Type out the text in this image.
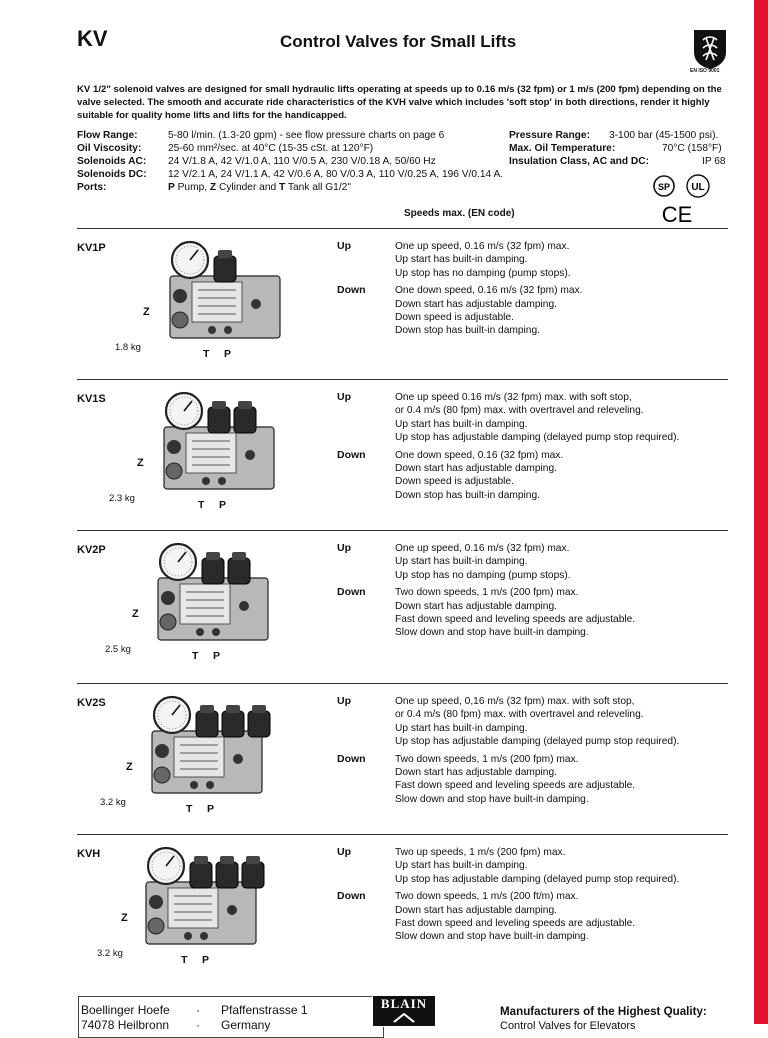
KV	Control Valves for Small Lifts
EN ISO 9001
KV 1/2" solenoid valves are designed for small hydraulic lifts operating at speeds up to 0.16 m/s (32 fpm) or 1 m/s (200 fpm) depending on the valve selected. The smooth and accurate ride characteristics of the KVH valve which includes 'soft stop' in both directions, render it highly suitable for quality home lifts and lifts for the handicapped.
Flow Range:	5-80 l/min. (1.3-20 gpm) - see flow pressure charts on page 6
Oil Viscosity:	25-60 mm²/sec. at 40°C (15-35 cSt. at 120°F)
Solenoids AC: 24 V/1.8 A, 42 V/1.0 A, 110 V/0.5 A, 230 V/0.18 A, 50/60 Hz
Solenoids DC: 12 V/2.1 A, 24 V/1.1 A, 42 V/0.6 A, 80 V/0.3 A, 110 V/0.25 A, 196 V/0.14 A.
Ports:	P Pump, Z Cylinder and T Tank all G1/2"
Pressure Range: 3-100 bar (45-1500 psi).
Max. Oil Temperature:	70°C (158°F)
Insulation Class, AC and DC:	IP 68
SP UL
CE
Speeds max. (EN code)
KV1P	Up	One up speed, 0.16 m/s (32 fpm) max.
Up start has built-in damping.
Up stop has no damping (pump stops).
Down	One down speed, 0.16 m/s (32 fpm) max.
Down start has adjustable damping.
Down speed is adjustable.
Down stop has built-in damping.
Z
1.8 kg
T P
KV1S	Up	One up speed 0.16 m/s (32 fpm) max. with soft stop,
or 0.4 m/s (80 fpm) max. with overtravel and releveling.
Up start has built-in damping.
Up stop has adjustable damping (delayed pump stop required).
Down	One down speed, 0.16 (32 fpm) max.
Down start has adjustable damping.
Down speed is adjustable.
Down stop has built-in damping.
Z
2.3 kg
T P
KV2P	Up	One up speed, 0.16 m/s (32 fpm) max.
Up start has built-in damping.
Up stop has no damping (pump stops).
Down	Two down speeds, 1 m/s (200 fpm) max.
Down start has adjustable damping.
Fast down speed and leveling speeds are adjustable.
Slow down and stop have built-in damping.
Z
2.5 kg
T P
KV2S	Up	One up speed, 0,16 m/s (32 fpm) max. with soft stop,
or 0.4 m/s (80 fpm) max. with overtravel and releveling.
Up start has built-in damping.
Up stop has adjustable damping (delayed pump stop required).
Down	Two down speeds, 1 m/s (200 fpm) max.
Down start has adjustable damping.
Fast down speed and leveling speeds are adjustable.
Slow down and stop have built-in damping.
Z
3.2 kg
T P
KVH	Up	Two up speeds, 1 m/s (200 fpm) max.
Up start has built-in damping.
Up stop has adjustable damping (delayed pump stop required).
Down	Two down speeds, 1 m/s (200 ft/m) max.
Down start has adjustable damping.
Fast down speed and leveling speeds are adjustable.
Slow down and stop have built-in damping.
Z
3.2 kg
T P
Boellinger Hoefe · Pfaffenstrasse 1
74078 Heilbronn · Germany
BLAIN
Manufacturers of the Highest Quality:
Control Valves for Elevators
